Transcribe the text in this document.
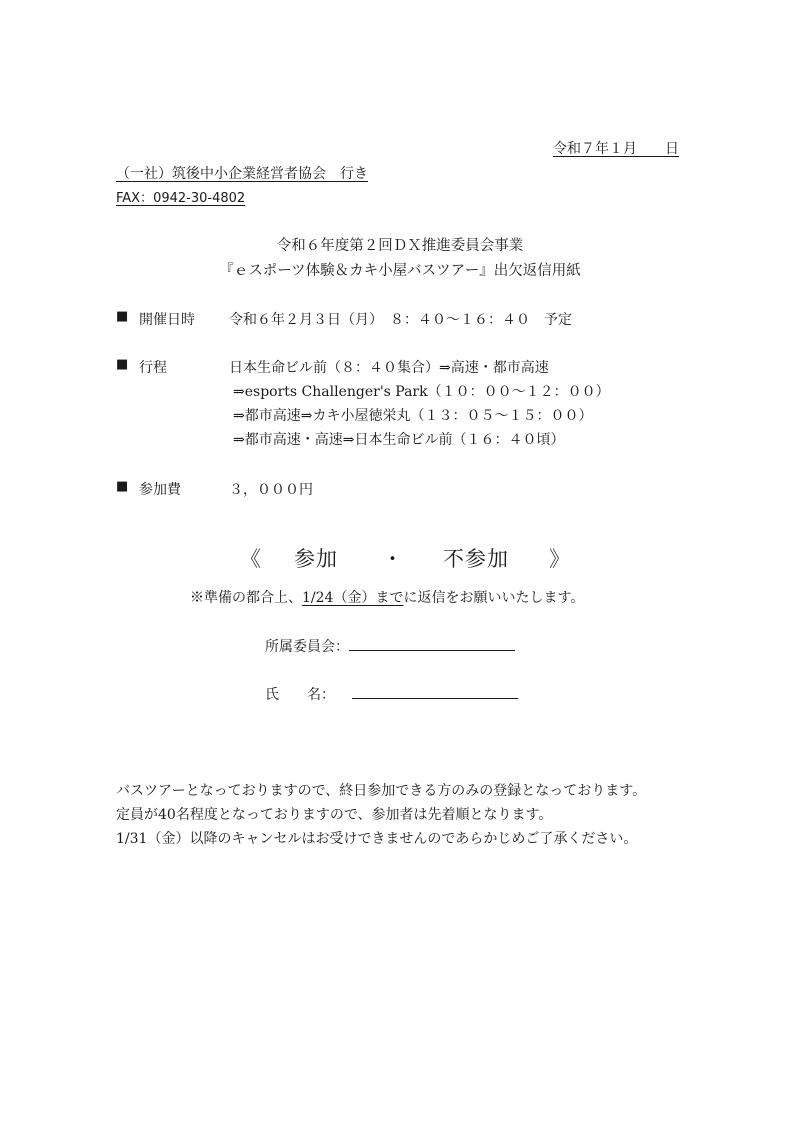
令和７年１月　　日
（一社）筑後中小企業経営者協会　行き
FAX：0942-30-4802
令和６年度第２回ＤＸ推進委員会事業
『ｅスポーツ体験＆カキ小屋バスツアー』出欠返信用紙
■ 開催日時 令和６年２月３日（月）　８：４０～１６：４０　予定
■ 行程	日本生命ビル前（８：４０集合）⇒高速・都市高速
⇒esports Challenger's Park（１０：００～１２：００）
⇒都市高速⇒カキ小屋徳栄丸（１３：０５～１５：００）
⇒都市高速・高速⇒日本生命ビル前（１６：４０頃）
■ 参加費	３，０００円
《 参加 ・ 不参加 》
※準備の都合上、1/24（金）までに返信をお願いいたします。
所属委員会：
氏　　名：
バスツアーとなっておりますので、終日参加できる方のみの登録となっております。
定員が40名程度となっておりますので、参加者は先着順となります。
1/31（金）以降のキャンセルはお受けできませんのであらかじめご了承ください。
